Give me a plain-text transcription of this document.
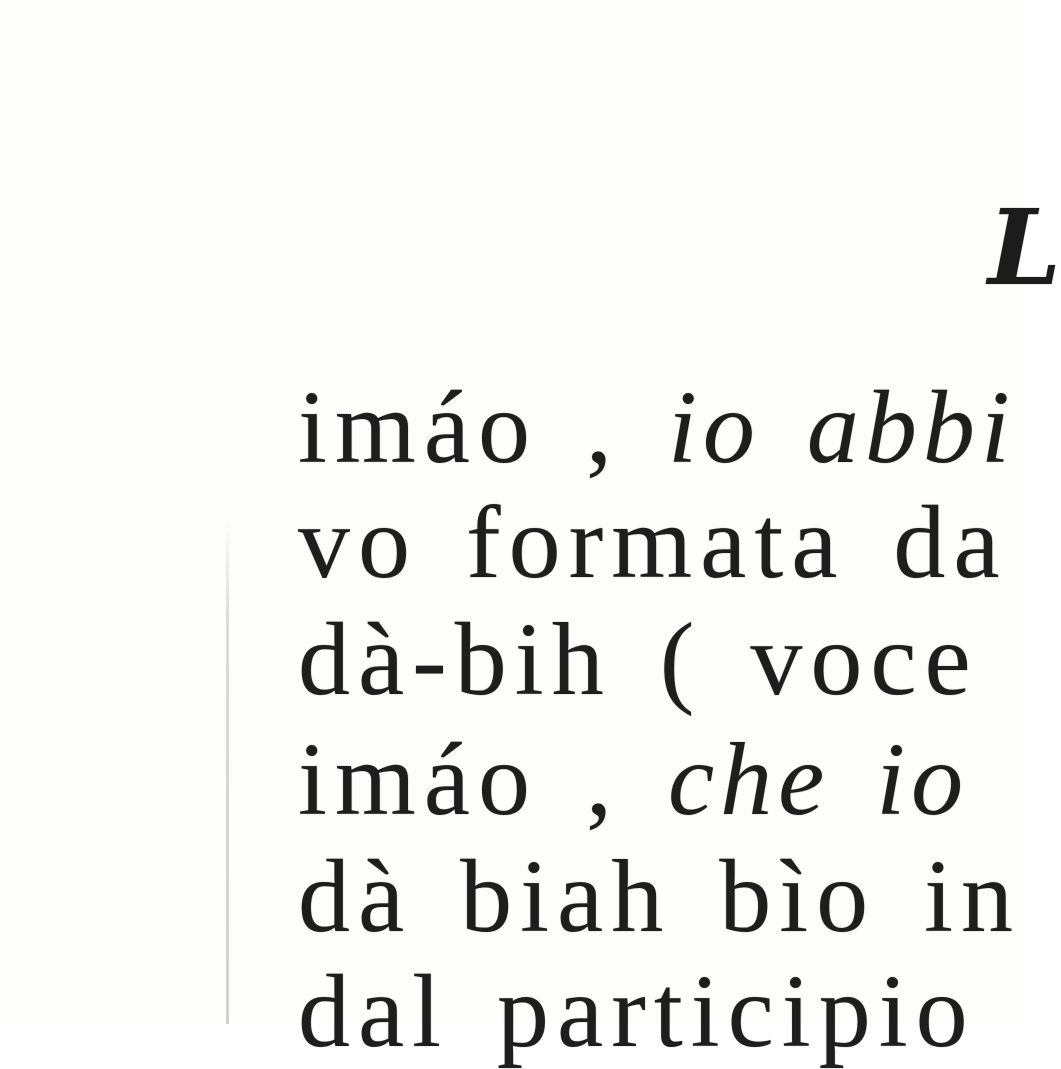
L
imáo , io abbi
vo formata da
dà-bih ( voce
imáo , che io
dà biah bìo in
dal participio
